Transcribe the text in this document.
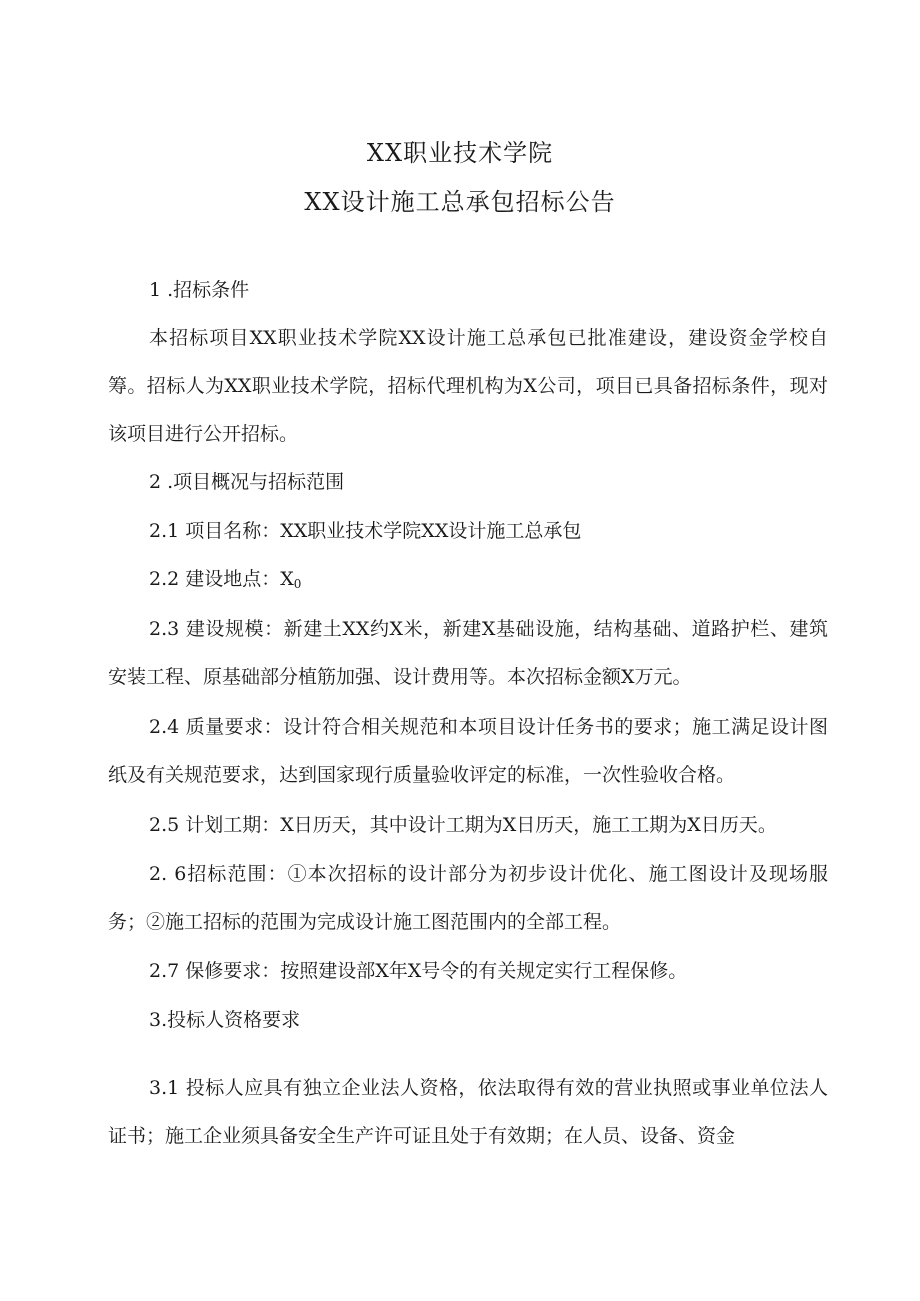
XX职业技术学院
XX设计施工总承包招标公告
1 .招标条件
本招标项目XX职业技术学院XX设计施工总承包已批准建设，建设资金学校自筹。招标人为XX职业技术学院，招标代理机构为X公司，项目已具备招标条件，现对该项目进行公开招标。
2 .项目概况与招标范围
2.1 项目名称：XX职业技术学院XX设计施工总承包
2.2 建设地点：$X_0$
2.3 建设规模：新建土XX约X米，新建X基础设施，结构基础、道路护栏、建筑安装工程、原基础部分植筋加强、设计费用等。本次招标金额X万元。
2.4 质量要求：设计符合相关规范和本项目设计任务书的要求；施工满足设计图纸及有关规范要求，达到国家现行质量验收评定的标准，一次性验收合格。
2.5 计划工期：X日历天，其中设计工期为X日历天，施工工期为X日历天。
2. 6招标范围：①本次招标的设计部分为初步设计优化、施工图设计及现场服务；②施工招标的范围为完成设计施工图范围内的全部工程。
2.7 保修要求：按照建设部X年X号令的有关规定实行工程保修。
3.投标人资格要求
3.1 投标人应具有独立企业法人资格，依法取得有效的营业执照或事业单位法人证书；施工企业须具备安全生产许可证且处于有效期；在人员、设备、资金
